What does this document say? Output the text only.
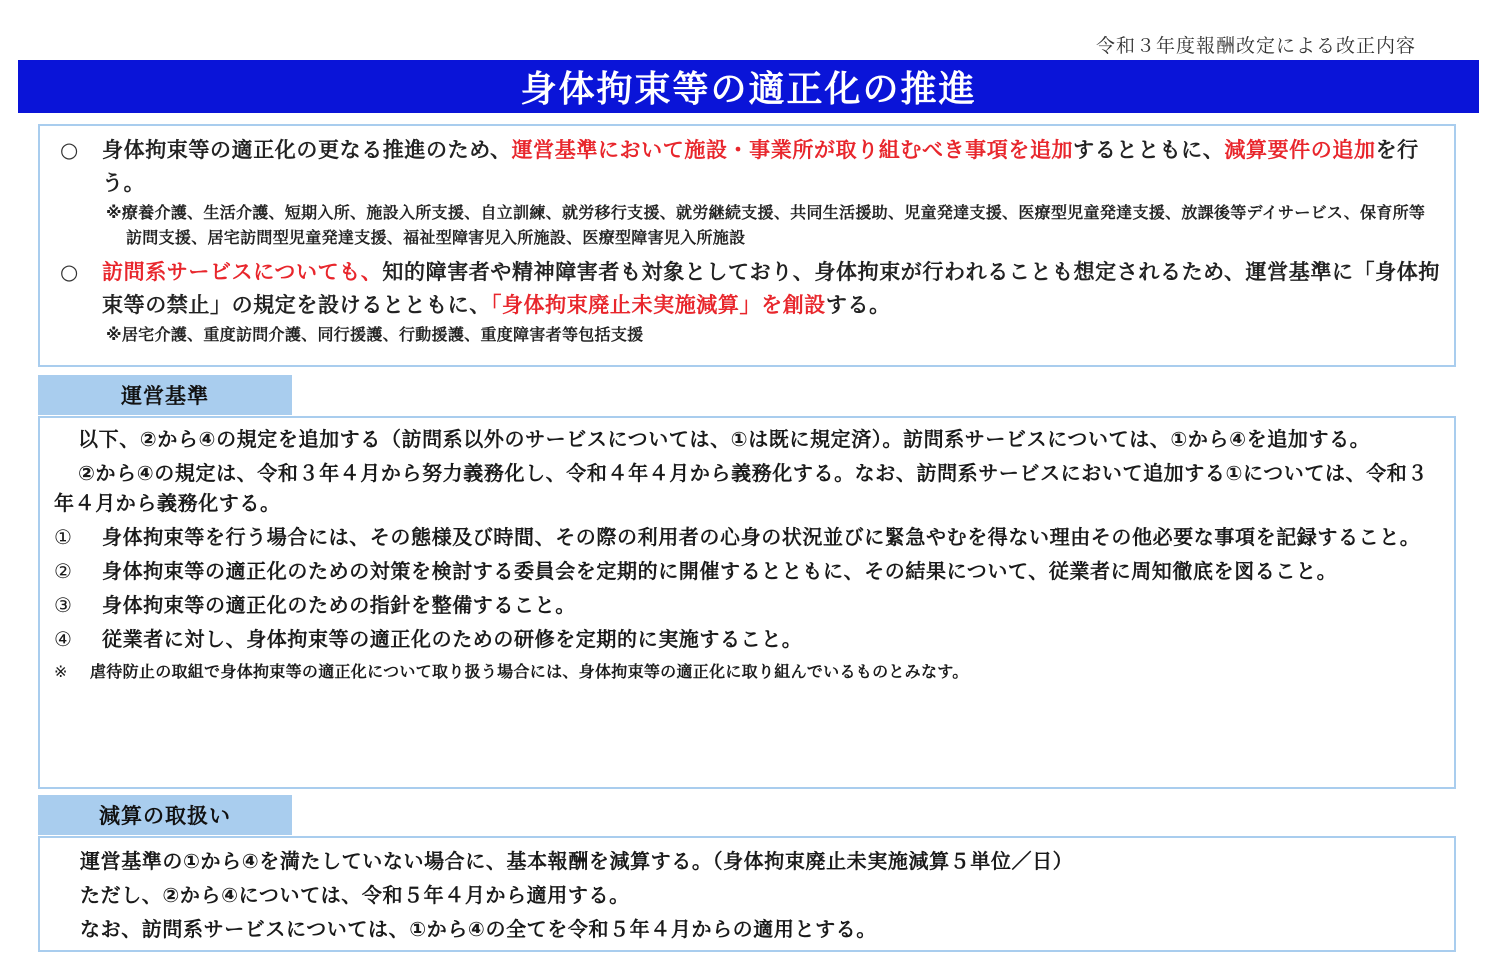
令和３年度報酬改定による改正内容
身体拘束等の適正化の推進
○ 身体拘束等の適正化の更なる推進のため、運営基準において施設・事業所が取り組むべき事項を追加するとともに、減算要件の追加を行う。
※療養介護、生活介護、短期入所、施設入所支援、自立訓練、就労移行支援、就労継続支援、共同生活援助、児童発達支援、医療型児童発達支援、放課後等デイサービス、保育所等訪問支援、居宅訪問型児童発達支援、福祉型障害児入所施設、医療型障害児入所施設
○ 訪問系サービスについても、知的障害者や精神障害者も対象としており、身体拘束が行われることも想定されるため、運営基準に「身体拘束等の禁止」の規定を設けるとともに、「身体拘束廃止未実施減算」を創設する。
※居宅介護、重度訪問介護、同行援護、行動援護、重度障害者等包括支援
運営基準

以下、②から④の規定を追加する（訪問系以外のサービスについては、①は既に規定済）。訪問系サービスについては、①から④を追加する。

②から④の規定は、令和３年４月から努力義務化し、令和４年４月から義務化する。なお、訪問系サービスにおいて追加する①については、令和３年４月から義務化する。

①	身体拘束等を行う場合には、その態様及び時間、その際の利用者の心身の状況並びに緊急やむを得ない理由その他必要な事項を記録すること。
②	身体拘束等の適正化のための対策を検討する委員会を定期的に開催するとともに、その結果について、従業者に周知徹底を図ること。
③	身体拘束等の適正化のための指針を整備すること。
④	従業者に対し、身体拘束等の適正化のための研修を定期的に実施すること。
※ 虐待防止の取組で身体拘束等の適正化について取り扱う場合には、身体拘束等の適正化に取り組んでいるものとみなす。
減算の取扱い
運営基準の①から④を満たしていない場合に、基本報酬を減算する。（身体拘束廃止未実施減算５単位／日）
ただし、②から④については、令和５年４月から適用する。
なお、訪問系サービスについては、①から④の全てを令和５年４月からの適用とする。
